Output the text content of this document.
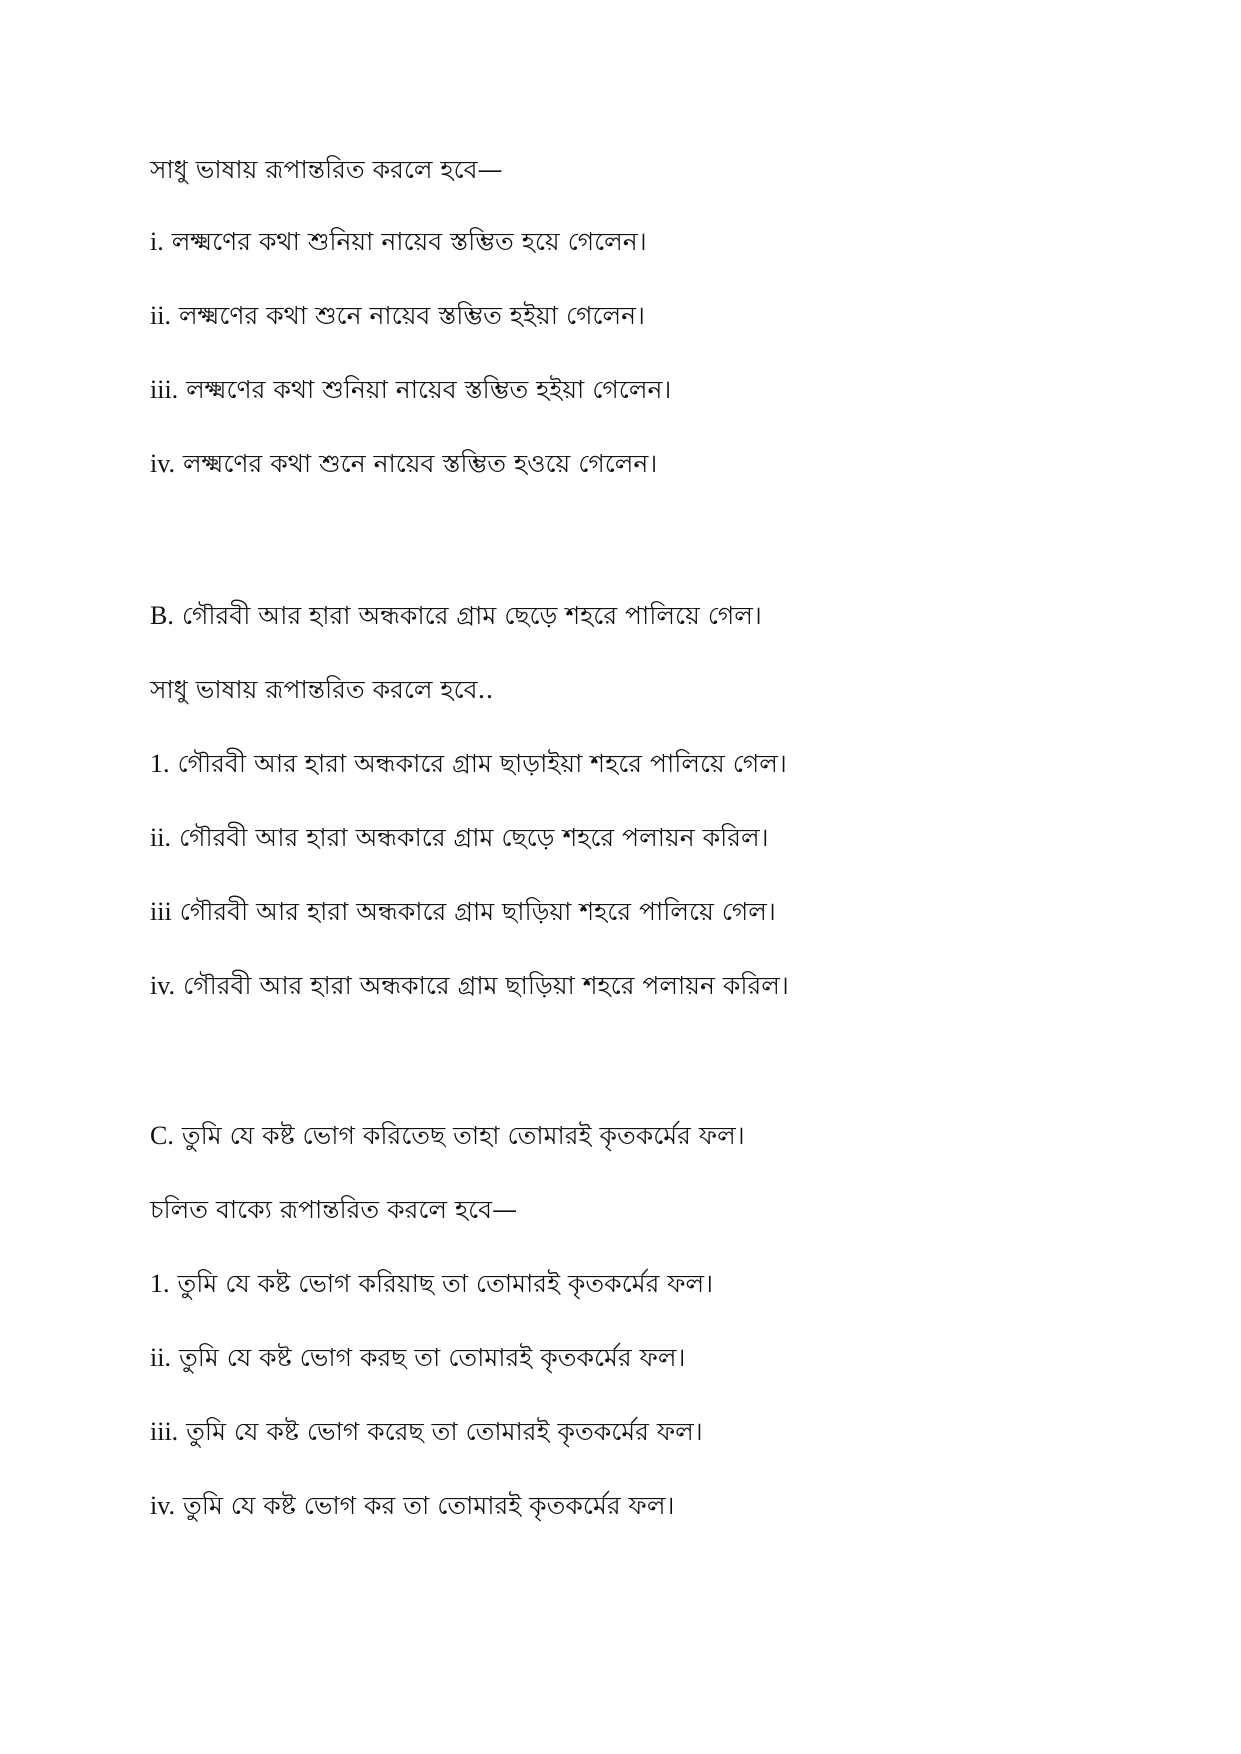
সাধু ভাষায় রূপান্তরিত করলে হবে—
i. লক্ষ্মণের কথা শুনিয়া নায়েব স্তম্ভিত হয়ে গেলেন।
ii. লক্ষ্মণের কথা শুনে নায়েব স্তম্ভিত হইয়া গেলেন।
iii. লক্ষ্মণের কথা শুনিয়া নায়েব স্তম্ভিত হইয়া গেলেন।
iv. লক্ষ্মণের কথা শুনে নায়েব স্তম্ভিত হওয়ে গেলেন।
B. গৌরবী আর হারা অন্ধকারে গ্রাম ছেড়ে শহরে পালিয়ে গেল।
সাধু ভাষায় রূপান্তরিত করলে হবে..
1. গৌরবী আর হারা অন্ধকারে গ্রাম ছাড়াইয়া শহরে পালিয়ে গেল।
ii. গৌরবী আর হারা অন্ধকারে গ্রাম ছেড়ে শহরে পলায়ন করিল।
iii গৌরবী আর হারা অন্ধকারে গ্রাম ছাড়িয়া শহরে পালিয়ে গেল।
iv. গৌরবী আর হারা অন্ধকারে গ্রাম ছাড়িয়া শহরে পলায়ন করিল।
C. তুমি যে কষ্ট ভোগ করিতেছ তাহা তোমারই কৃতকর্মের ফল।
চলিত বাক্যে রূপান্তরিত করলে হবে—
1. তুমি যে কষ্ট ভোগ করিয়াছ তা তোমারই কৃতকর্মের ফল।
ii. তুমি যে কষ্ট ভোগ করছ তা তোমারই কৃতকর্মের ফল।
iii. তুমি যে কষ্ট ভোগ করেছ তা তোমারই কৃতকর্মের ফল।
iv. তুমি যে কষ্ট ভোগ কর তা তোমারই কৃতকর্মের ফল।
